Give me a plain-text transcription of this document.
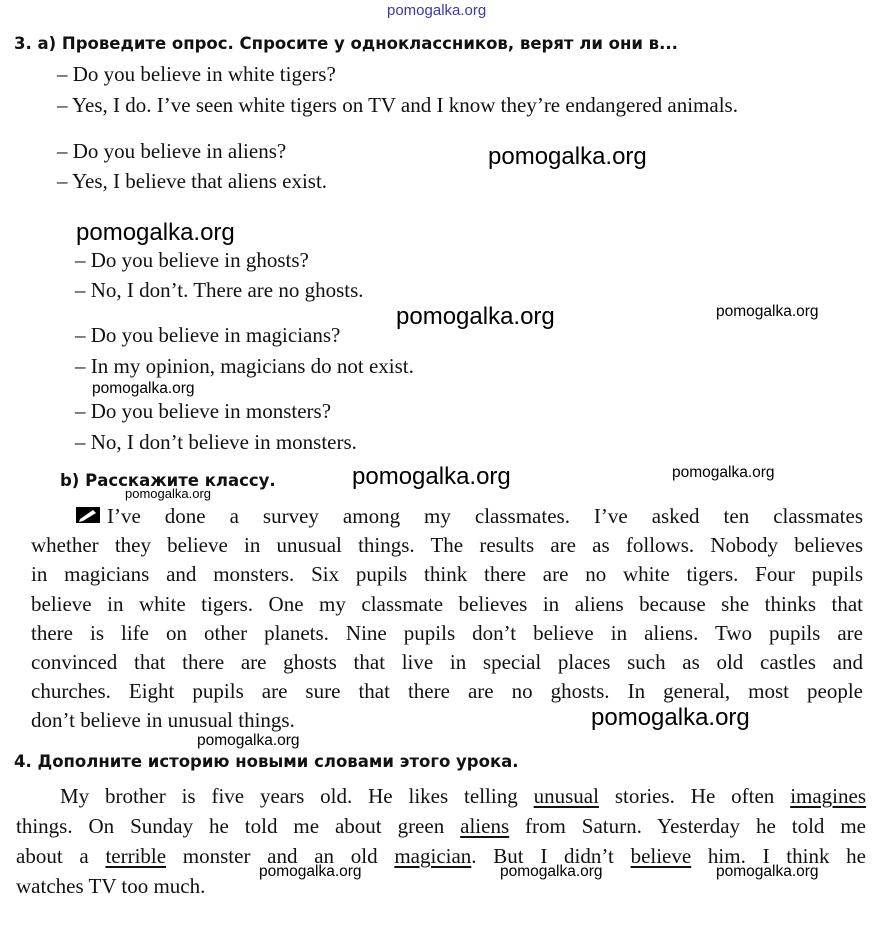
pomogalka.org
pomogalka.org
pomogalka.org
pomogalka.org	pomogalka.org
pomogalka.org
pomogalka.org	pomogalka.org
pomogalka.org
pomogalka.org
pomogalka.org
pomogalka.org	pomogalka.org	pomogalka.org
3. а) Проведите опрос. Спросите у одноклассников, верят ли они в...
– Do you believe in white tigers?
– Yes, I do. I’ve seen white tigers on TV and I know they’re endangered animals.
– Do you believe in aliens?
– Yes, I believe that aliens exist.
– Do you believe in ghosts?
– No, I don’t. There are no ghosts.
– Do you believe in magicians?
– In my opinion, magicians do not exist.
– Do you believe in monsters?
– No, I don’t believe in monsters.
b) Расскажите классу.
I’ve done a survey among my classmates. I’ve asked ten classmates
whether they believe in unusual things. The results are as follows. Nobody believes
in magicians and monsters. Six pupils think there are no white tigers. Four pupils
believe in white tigers. One my classmate believes in aliens because she thinks that
there is life on other planets. Nine pupils don’t believe in aliens. Two pupils are
convinced that there are ghosts that live in special places such as old castles and
churches. Eight pupils are sure that there are no ghosts. In general, most people
don’t believe in unusual things.
4. Дополните историю новыми словами этого урока.
My brother is five years old. He likes telling unusual stories. He often imagines
things. On Sunday he told me about green aliens from Saturn. Yesterday he told me
about a terrible monster and an old magician. But I didn’t believe him. I think he
watches TV too much.
